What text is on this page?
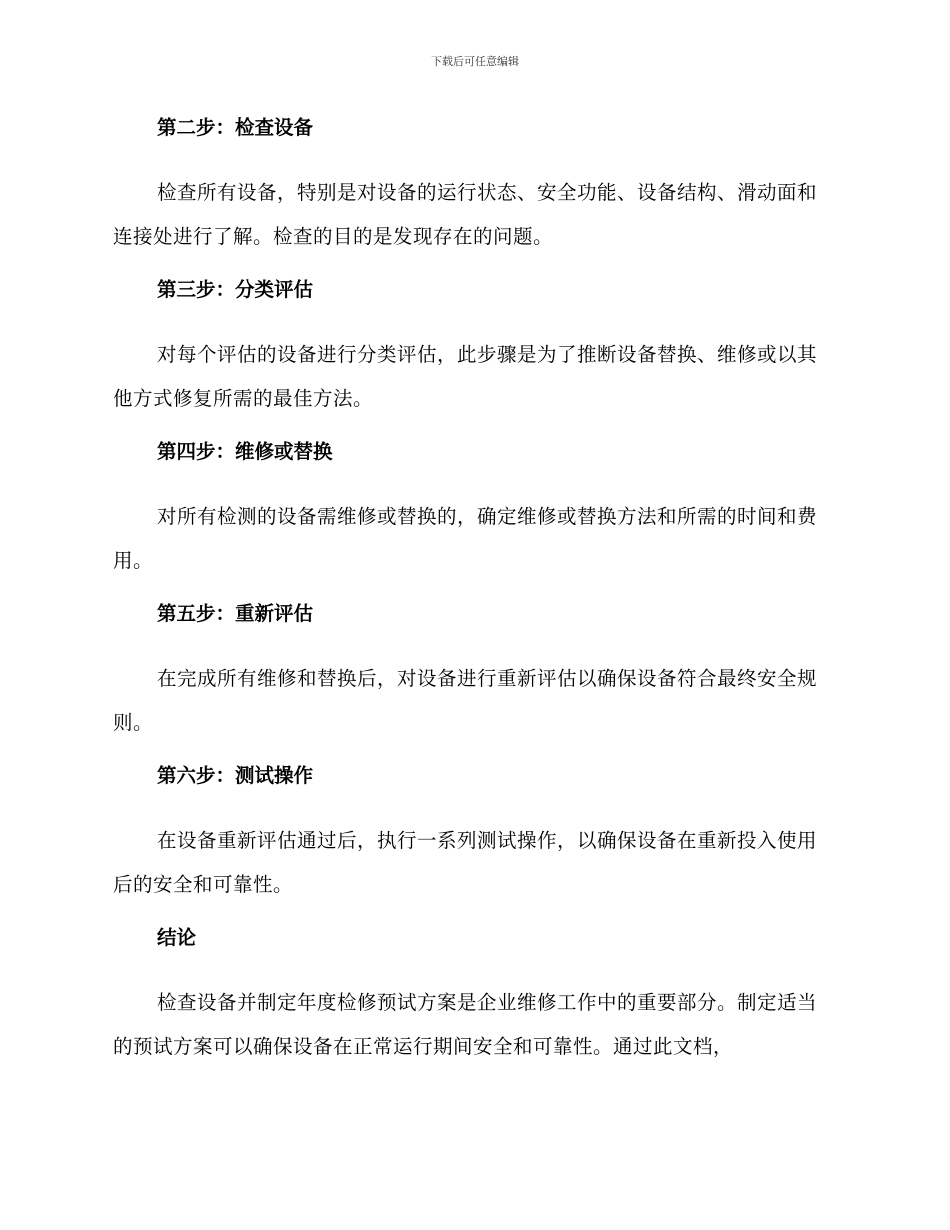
下载后可任意编辑
第二步：检查设备

检查所有设备，特别是对设备的运行状态、安全功能、设备结构、滑动面和连接处进行了解。检查的目的是发现存在的问题。

第三步：分类评估

对每个评估的设备进行分类评估，此步骤是为了推断设备替换、维修或以其他方式修复所需的最佳方法。

第四步：维修或替换

对所有检测的设备需维修或替换的，确定维修或替换方法和所需的时间和费用。

第五步：重新评估

在完成所有维修和替换后，对设备进行重新评估以确保设备符合最终安全规则。

第六步：测试操作

在设备重新评估通过后，执行一系列测试操作，以确保设备在重新投入使用后的安全和可靠性。

结论

检查设备并制定年度检修预试方案是企业维修工作中的重要部分。制定适当的预试方案可以确保设备在正常运行期间安全和可靠性。通过此文档，
